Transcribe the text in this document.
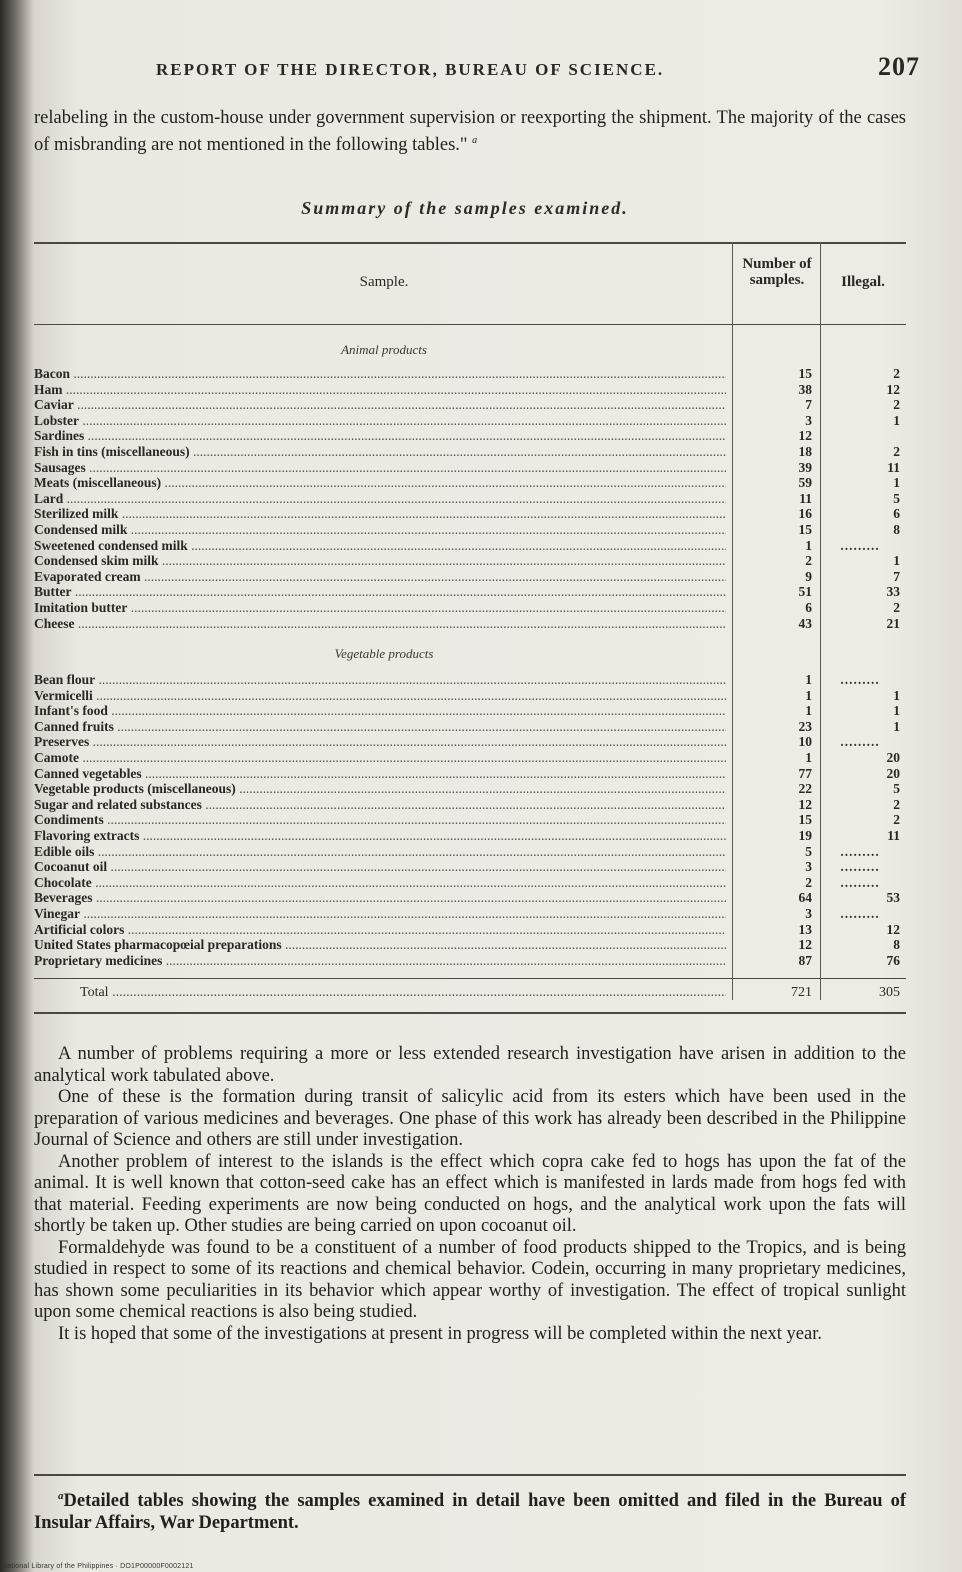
REPORT OF THE DIRECTOR, BUREAU OF SCIENCE.	207
relabeling in the custom-house under government supervision or reexporting the shipment. The majority of the cases of misbranding are not mentioned in the following tables." $^a$
Summary of the samples examined.
Sample.
Number of samples.	Illegal.
Animal products
Bacon .....	15	2
Ham .....	38	12
Caviar .....	7	2
Lobster .....	3	1
Sardines .....	12
Fish in tins (miscellaneous) .....	18	2
Sausages .....	39	11
Meats (miscellaneous) .....	59	1
Lard .....	11	5
Sterilized milk .....	16	6
Condensed milk .....	15	8
Sweetened condensed milk .....	1	.........
Condensed skim milk .....	2	1
Evaporated cream .....	9	7
Butter .....	51	33
Imitation butter .....	6	2
Cheese .....	43	21
Vegetable products
Bean flour .....	1	.........
Vermicelli .....	1	1
Infant's food .....	1	1
Canned fruits .....	23	1
Preserves .....	10	.........
Camote .....	1	20
Canned vegetables .....	77	20
Vegetable products (miscellaneous) .....	22	5
Sugar and related substances .....	12	2
Condiments .....	15	2
Flavoring extracts .....	19	11
Edible oils .....	5	.........
Cocoanut oil .....	3	.........
Chocolate .....	2	.........
Beverages .....	64	53
Vinegar .....	3	.........
Artificial colors .....	13	12
United States pharmacopœial preparations .....	12	8
Proprietary medicines .....	87	76
Total .....	721	305

A number of problems requiring a more or less extended research investigation have arisen in addition to the analytical work tabulated above.

One of these is the formation during transit of salicylic acid from its esters which have been used in the preparation of various medicines and beverages. One phase of this work has already been described in the Philippine Journal of Science and others are still under investigation.

Another problem of interest to the islands is the effect which copra cake fed to hogs has upon the fat of the animal. It is well known that cotton-seed cake has an effect which is manifested in lards made from hogs fed with that material. Feeding experiments are now being conducted on hogs, and the analytical work upon the fats will shortly be taken up. Other studies are being carried on upon cocoanut oil.

Formaldehyde was found to be a constituent of a number of food products shipped to the Tropics, and is being studied in respect to some of its reactions and chemical behavior. Codein, occurring in many proprietary medicines, has shown some peculiarities in its behavior which appear worthy of investigation. The effect of tropical sunlight upon some chemical reactions is also being studied.

It is hoped that some of the investigations at present in progress will be completed within the next year.

$^a$Detailed tables showing the samples examined in detail have been omitted and filed in the Bureau of Insular Affairs, War Department.

National Library of the Philippines · DO1P00000F0002121
